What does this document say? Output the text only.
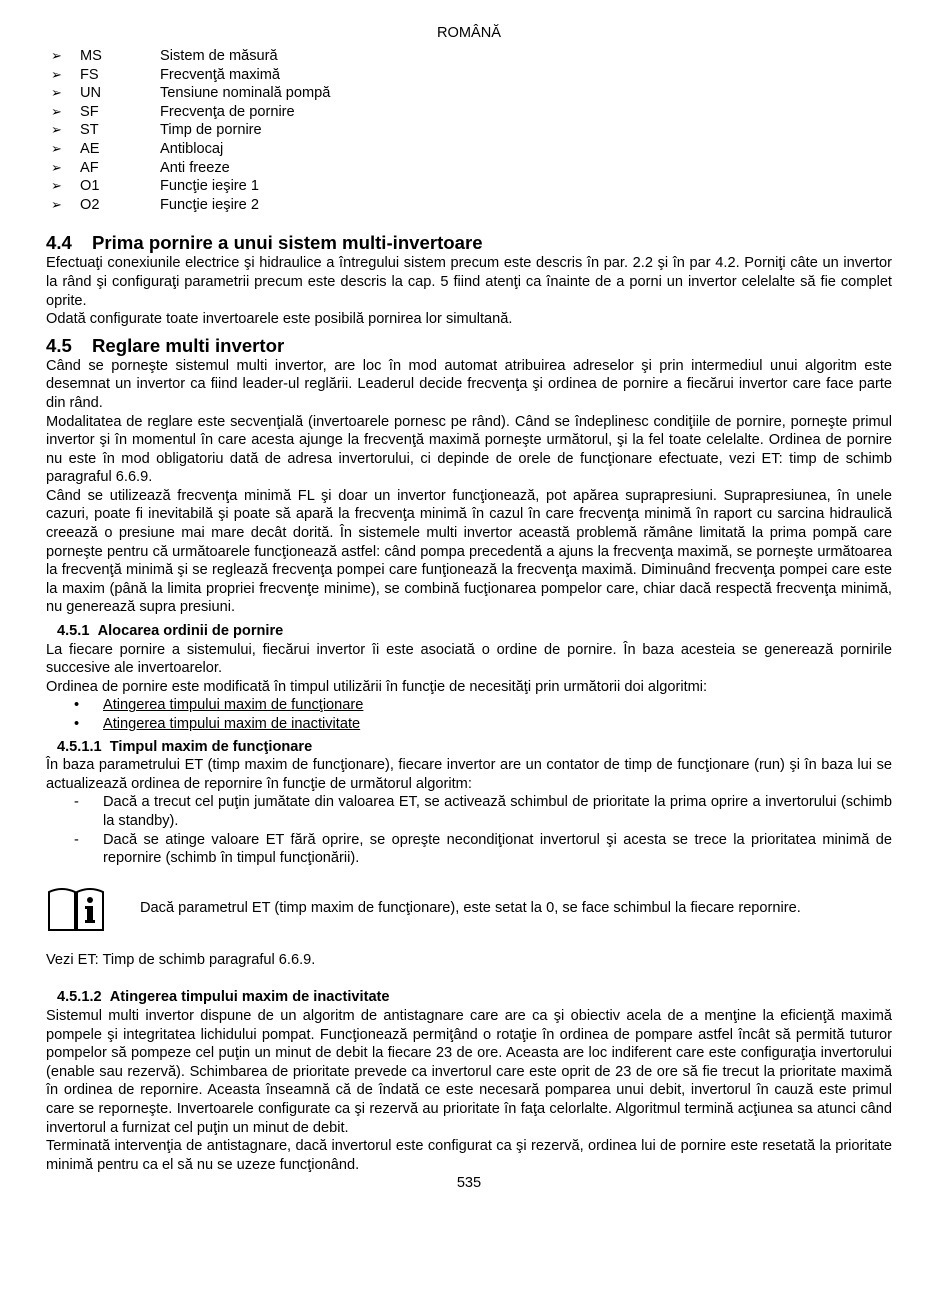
ROMÂNĂ
➢	MS	Sistem de măsură
➢	FS	Frecvenţă maximă
➢	UN	Tensiune nominală pompă
➢	SF	Frecvenţa de pornire
➢	ST	Timp de pornire
➢	AE	Antiblocaj
➢	AF	Anti freeze
➢	O1	Funcţie ieşire 1
➢	O2	Funcţie ieşire 2
4.4 Prima pornire a unui sistem multi-invertoare

Efectuaţi conexiunile electrice şi hidraulice a întregului sistem precum este descris în par. 2.2 şi în par 4.2. Porniţi câte un invertor la rând şi configuraţi parametrii precum este descris la cap. 5 fiind atenţi ca înainte de a porni un invertor celelalte să fie complet oprite.

Odată configurate toate invertoarele este posibilă pornirea lor simultană.

4.5 Reglare multi invertor

Când se porneşte sistemul multi invertor, are loc în mod automat atribuirea adreselor şi prin intermediul unui algoritm este desemnat un invertor ca fiind leader-ul reglării. Leaderul decide frecvenţa şi ordinea de pornire a fiecărui invertor care face parte din rând.

Modalitatea de reglare este secvenţială (invertoarele pornesc pe rând). Când se îndeplinesc condiţiile de pornire, porneşte primul invertor şi în momentul în care acesta ajunge la frecvenţă maximă porneşte următorul, şi la fel toate celelalte. Ordinea de pornire nu este în mod obligatoriu dată de adresa invertorului, ci depinde de orele de funcţionare efectuate, vezi ET: timp de schimb paragraful 6.6.9.

Când se utilizează frecvenţa minimă FL şi doar un invertor funcţionează, pot apărea suprapresiuni. Suprapresiunea, în unele cazuri, poate fi inevitabilă şi poate să apară la frecvenţa minimă în cazul în care frecvenţa minimă în raport cu sarcina hidraulică creează o presiune mai mare decât dorită. În sistemele multi invertor această problemă rămâne limitată la prima pompă care porneşte pentru că următoarele funcţionează astfel: când pompa precedentă a ajuns la frecvenţa maximă, se porneşte următoarea la frecvenţă minimă şi se reglează frecvenţa pompei care funţionează la frecvenţa maximă. Diminuând frecvenţa pompei care este la maxim (până la limita propriei frecvenţe minime), se combină fucţionarea pompelor care, chiar dacă respectă frecvenţa minimă, nu generează supra presiuni.

4.5.1 Alocarea ordinii de pornire

La fiecare pornire a sistemului, fiecărui invertor îi este asociată o ordine de pornire. În baza acesteia se generează pornirile succesive ale invertoarelor.

Ordinea de pornire este modificată în timpul utilizării în funcţie de necesităţi prin următorii doi algoritmi:

•	Atingerea timpului maxim de funcţionare
•	Atingerea timpului maxim de inactivitate
4.5.1.1 Timpul maxim de funcţionare

În baza parametrului ET (timp maxim de funcţionare), fiecare invertor are un contator de timp de funcţionare (run) şi în baza lui se actualizează ordinea de repornire în funcţie de următorul algoritm:

-	Dacă a trecut cel puţin jumătate din valoarea ET, se activează schimbul de prioritate la prima oprire a invertorului (schimb la standby).
-	Dacă se atinge valoare ET fără oprire, se opreşte necondiţionat invertorul şi acesta se trece la prioritatea minimă de repornire (schimb în timpul funcţionării).
Dacă parametrul ET (timp maxim de funcţionare), este setat la 0, se face schimbul la fiecare repornire.

Vezi ET: Timp de schimb paragraful 6.6.9.

4.5.1.2 Atingerea timpului maxim de inactivitate

Sistemul multi invertor dispune de un algoritm de antistagnare care are ca şi obiectiv acela de a menţine la eficienţă maximă pompele şi integritatea lichidului pompat. Funcţionează permiţând o rotaţie în ordinea de pompare astfel încât să permită tuturor pompelor să pompeze cel puţin un minut de debit la fiecare 23 de ore. Aceasta are loc indiferent care este configuraţia invertorului (enable sau rezervă). Schimbarea de prioritate prevede ca invertorul care este oprit de 23 de ore să fie trecut la prioritate maximă în ordinea de repornire. Aceasta înseamnă că de îndată ce este necesară pomparea unui debit, invertorul în cauză este primul care se reporneşte. Invertoarele configurate ca şi rezervă au prioritate în faţa celorlalte. Algoritmul termină acţiunea sa atunci când invertorul a furnizat cel puţin un minut de debit.

Terminată intervenţia de antistagnare, dacă invertorul este configurat ca şi rezervă, ordinea lui de pornire este resetată la prioritate minimă pentru ca el să nu se uzeze funcţionând.

535
